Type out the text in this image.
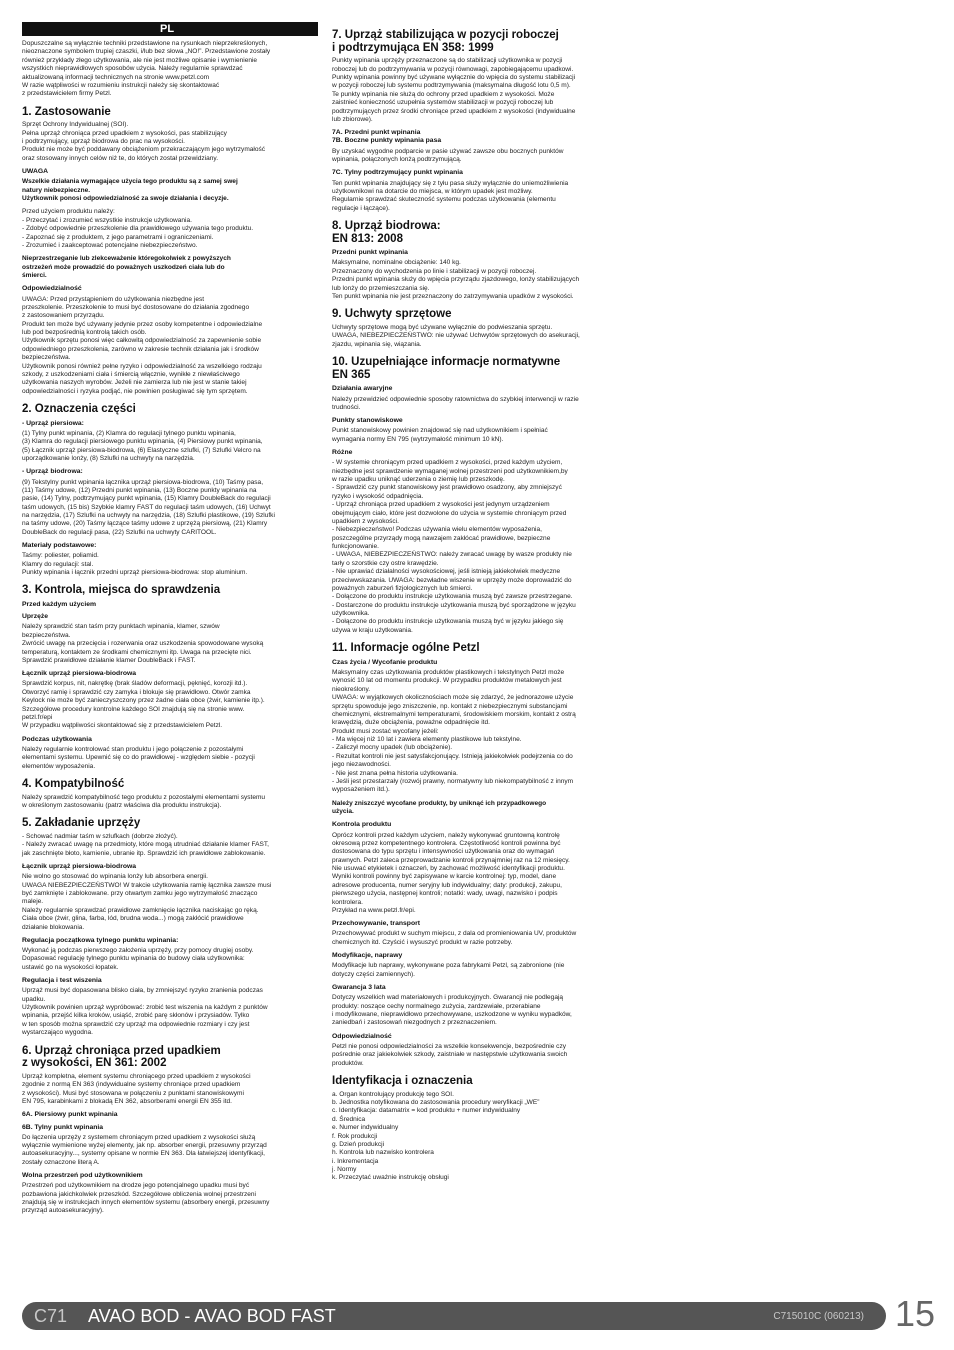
PL

Dopuszczalne są wyłącznie techniki przedstawione na rysunkach nieprzekreślonych,
nieoznaczone symbolem trupiej czaszki, i/lub bez słowa „NO!”. Przedstawione zostały
również przykłady złego użytkowania, ale nie jest możliwe opisanie i wymienienie
wszystkich nieprawidłowych sposobów użycia. Należy regularnie sprawdzać
aktualizowaną informacji technicznych na stronie www.petzl.com
W razie wątpliwości w rozumieniu instrukcji należy się skontaktować
z przedstawicielem firmy Petzl.

1. Zastosowanie

Sprzęt Ochrony Indywidualnej (SOI).
Pełna uprząż chroniąca przed upadkiem z wysokości, pas stabilizujący
i podtrzymujący, uprząż biodrowa do prac na wysokości.
Produkt nie może być poddawany obciążeniom przekraczającym jego wytrzymałość
oraz stosowany innych celów niż te, do których został przewidziany.

UWAGA

Wszelkie działania wymagające użycia tego produktu są z samej swej
natury niebezpieczne.
Użytkownik ponosi odpowiedzialność za swoje działania i decyzje.

Przed użyciem produktu należy:
- Przeczytać i zrozumieć wszystkie instrukcje użytkowania.
- Zdobyć odpowiednie przeszkolenie dla prawidłowego używania tego produktu.
- Zapoznać się z produktem, z jego parametrami i ograniczeniami.
- Zrozumieć i zaakceptować potencjalne niebezpieczeństwo.

Nieprzestrzeganie lub zlekceważenie któregokolwiek z powyższych
ostrzeżeń może prowadzić do poważnych uszkodzeń ciała lub do
śmierci.

Odpowiedzialność

UWAGA: Przed przystąpieniem do użytkowania niezbędne jest
przeszkolenie. Przeszkolenie to musi być dostosowane do działania zgodnego
z zastosowaniem przyrządu.
Produkt ten może być używany jedynie przez osoby kompetentne i odpowiedzialne
lub pod bezpośrednią kontrolą takich osób.
Użytkownik sprzętu ponosi więc całkowitą odpowiedzialność za zapewnienie sobie
odpowiedniego przeszkolenia, zarówno w zakresie technik działania jak i środków
bezpieczeństwa.
Użytkownik ponosi również pełne ryzyko i odpowiedzialność za wszelkiego rodzaju
szkody, z uszkodzeniami ciała i śmiercią włącznie, wynikłe z niewłaściwego
użytkowania naszych wyrobów. Jeżeli nie zamierza lub nie jest w stanie takiej
odpowiedzialności i ryzyka podjąć, nie powinien posługiwać się tym sprzętem.

2. Oznaczenia części
- Uprząż piersiowa:

(1) Tylny punkt wpinania, (2) Klamra do regulacji tylnego punktu wpinania,
(3) Klamra do regulacji piersiowego punktu wpinania, (4) Piersiowy punkt wpinania,
(5) Łącznik uprząż piersiowa-biodrowa, (6) Elastyczne szlufki, (7) Szlufki Velcro na
uporządkowanie lonży, (8) Szlufki na uchwyty na narzędzia.

- Uprząż biodrowa:

(9) Tekstylny punkt wpinania łącznika uprząż piersiowa-biodrowa, (10) Taśmy pasa,
(11) Taśmy udowe, (12) Przedni punkt wpinania, (13) Boczne punkty wpinania na
pasie, (14) Tylny, podtrzymujący punkt wpinania, (15) Klamry DoubleBack do regulacji
taśm udowych, (15 bis) Szybkie klamry FAST do regulacji taśm udowych, (16) Uchwyt
na narzędzia, (17) Szlufki na uchwyty na narzędzia, (18) Szlufki plastikowe, (19) Szlufki
na taśmy udowe, (20) Taśmy łączące taśmy udowe z uprzężą piersiową, (21) Klamry
DoubleBack do regulacji pasa, (22) Szlufki na uchwyty CARITOOL.

Materiały podstawowe:

Taśmy: poliester, poliamid.
Klamry do regulacji: stal.
Punkty wpinania i łącznik przedni uprząż piersiowa-biodrowa: stop aluminium.

3. Kontrola, miejsca do sprawdzenia
Przed każdym użyciem
Uprzęże

Należy sprawdzić stan taśm przy punktach wpinania, klamer, szwów
bezpieczeństwa.
Zwrócić uwagę na przecięcia i rozerwania oraz uszkodzenia spowodowane wysoką
temperaturą, kontaktem ze środkami chemicznymi itp. Uwaga na przecięte nici.
Sprawdzić prawidłowe działanie klamer DoubleBack i FAST.

Łącznik uprząż piersiowa-biodrowa

Sprawdzić korpus, nit, nakrętkę (brak śladów deformacji, pęknięć, korozji itd.).
Otworzyć ramię i sprawdzić czy zamyka i blokuje się prawidłowo. Otwór zamka
Keylock nie może być zanieczyszczony przez żadne ciała obce (żwir, kamienie itp.).
Szczegółowe procedury kontrolne każdego SOI znajdują się na stronie www.
petzl.fr/epi
W przypadku wątpliwości skontaktować się z przedstawicielem Petzl.

Podczas użytkowania

Należy regularnie kontrolować stan produktu i jego połączenie z pozostałymi
elementami systemu. Upewnić się co do prawidłowej - względem siebie - pozycji
elementów wyposażenia.

4. Kompatybilność

Należy sprawdzić kompatybilność tego produktu z pozostałymi elementami systemu
w określonym zastosowaniu (patrz właściwa dla produktu instrukcja).

5. Zakładanie uprzęży

- Schować nadmiar taśm w szlufkach (dobrze złożyć).
- Należy zwracać uwagę na przedmioty, które mogą utrudniać działanie klamer FAST,
jak zaschnięte błoto, kamienie, ubranie itp. Sprawdzić ich prawidłowe zablokowanie.

Łącznik uprząż piersiowa-biodrowa

Nie wolno go stosować do wpinania lonży lub absorbera energii.
UWAGA NIEBEZPIECZEŃSTWO! W trakcie użytkowania ramię łącznika zawsze musi
być zamknięte i zablokowane. przy otwartym zamku jego wytrzymałość znacząco
maleje.
Należy regularnie sprawdzać prawidłowe zamknięcie łącznika naciskając go ręką.
Ciała obce (żwir, glina, farba, lód, brudna woda...) mogą zakłócić prawidłowe
działanie blokowania.

Regulacja początkowa tylnego punktu wpinania:

Wykonać ją podczas pierwszego założenia uprzęży, przy pomocy drugiej osoby.
Dopasować regulację tylnego punktu wpinania do budowy ciała użytkownika:
ustawić go na wysokości łopatek.

Regulacja i test wiszenia

Uprząż musi być dopasowana blisko ciała, by zmniejszyć ryzyko zranienia podczas
upadku.
Użytkownik powinien uprząż wypróbować: zrobić test wiszenia na każdym z punktów
wpinania, przejść kilka kroków, usiąść, zrobić parę skłonów i przysiadów. Tylko
w ten sposób można sprawdzić czy uprząż ma odpowiednie rozmiary i czy jest
wystarczająco wygodna.

6. Uprząż chroniąca przed upadkiem
z wysokości, EN 361: 2002

Uprząż kompletna, element systemu chroniącego przed upadkiem z wysokości
zgodnie z normą EN 363 (indywidualne systemy chroniące przed upadkiem
z wysokości). Musi być stosowana w połączeniu z punktami stanowiskowymi
EN 795, karabinkami z blokadą EN 362, absorberami energii EN 355 itd.

6A. Piersiowy punkt wpinania
6B. Tylny punkt wpinania

Do łączenia uprzęży z systemem chroniącym przed upadkiem z wysokości służą
wyłącznie wymienione wyżej elementy, jak np. absorber energii, przesuwny przyrząd
autoasekuracyjny..., systemy opisane w normie EN 363. Dla łatwiejszej identyfikacji,
zostały oznaczone literą A.

Wolna przestrzeń pod użytkownikiem

Przestrzeń pod użytkownikiem na drodze jego potencjalnego upadku musi być
pozbawiona jakichkolwiek przeszkód. Szczegółowe obliczenia wolnej przestrzeni
znajdują się w instrukcjach innych elementów systemu (absorbery energii, przesuwny
przyrząd autoasekuracyjny).

7. Uprząż stabilizująca w pozycji roboczej
i podtrzymująca EN 358: 1999

Punkty wpinania uprzęży przeznaczone są do stabilizacji użytkownika w pozycji
roboczej lub do podtrzymywania w pozycji równowagi, zapobiegającemu upadkowi.
Punkty wpinania powinny być używane wyłącznie do wpięcia do systemu stabilizacji
w pozycji roboczej lub systemu podtrzymywania (maksymalna długość lotu 0,5 m).
Te punkty wpinania nie służą do ochrony przed upadkiem z wysokości. Może
zaistnieć konieczność uzupełnia systemów stabilizacji w pozycji roboczej lub
podtrzymujących przez środki chroniące przed upadkiem z wysokości (indywidualne
lub zbiorowe).

7A. Przedni punkt wpinania
7B. Boczne punkty wpinania pasa

By uzyskać wygodne podparcie w pasie używać zawsze obu bocznych punktów
wpinania, połączonych lonżą podtrzymującą.

7C. Tylny podtrzymujący punkt wpinania

Ten punkt wpinania znajdujący się z tyłu pasa służy wyłącznie do uniemożliwienia
użytkownikowi na dotarcie do miejsca, w którym upadek jest możliwy.
Regularnie sprawdzać skuteczność systemu podczas użytkowania (elementu
regulacje i łączące).

8. Uprząż biodrowa:
EN 813: 2008
Przedni punkt wpinania

Maksymalne, nominalne obciążenie: 140 kg.
Przeznaczony do wychodzenia po linie i stabilizacji w pozycji roboczej.
Przedni punkt wpinania służy do wpięcia przyrządu zjazdowego, lonży stabilizujących
lub lonży do przemieszczania się.
Ten punkt wpinania nie jest przeznaczony do zatrzymywania upadków z wysokości.

9. Uchwyty sprzętowe

Uchwyty sprzętowe mogą być używane wyłącznie do podwieszania sprzętu.
UWAGA, NIEBEZPIECZEŃSTWO: nie używać Uchwytów sprzętowych do asekuracji,
zjazdu, wpinania się, wiązania.

10. Uzupełniające informacje normatywne
EN 365
Działania awaryjne

Należy przewidzieć odpowiednie sposoby ratownictwa do szybkiej interwencji w razie
trudności.

Punkty stanowiskowe

Punkt stanowiskowy powinien znajdować się nad użytkownikiem i spełniać
wymagania normy EN 795 (wytrzymałość minimum 10 kN).

Różne

- W systemie chroniącym przed upadkiem z wysokości, przed każdym użyciem,
niezbędne jest sprawdzenie wymaganej wolnej przestrzeni pod użytkownikiem,by
w razie upadku uniknąć uderzenia o ziemię lub przeszkodę.
- Sprawdzić czy punkt stanowiskowy jest prawidłowo osadzony, aby zmniejszyć
ryzyko i wysokość odpadnięcia.
- Uprząż chroniąca przed upadkiem z wysokości jest jedynym urządzeniem
obejmującym ciało, które jest dozwolone do użycia w systemie chroniącym przed
upadkiem z wysokości.
- Niebezpieczeństwo! Podczas używania wielu elementów wyposażenia,
poszczególne przyrządy mogą nawzajem zakłócać prawidłowe, bezpieczne
funkcjonowanie.
- UWAGA, NIEBEZPIECZEŃSTWO: należy zwracać uwagę by wasze produkty nie
tarły o szorstkie czy ostre krawędzie.
- Nie uprawiać działalności wysokościowej, jeśli istnieją jakiekolwiek medyczne
przeciwwskazania. UWAGA: bezwładne wiszenie w uprzęży może doprowadzić do
poważnych zaburzeń fizjologicznych lub śmierci.
- Dołączone do produktu instrukcje użytkowania muszą być zawsze przestrzegane.
- Dostarczone do produktu instrukcje użytkowania muszą być sporządzone w języku
użytkownika.
- Dołączone do produktu instrukcje użytkowania muszą być w języku jakiego się
używa w kraju użytkowania.

11. Informacje ogólne Petzl
Czas życia / Wycofanie produktu

Maksymalny czas użytkowania produktów plastikowych i tekstylnych Petzl może
wynosić 10 lat od momentu produkcji. W przypadku produktów metalowych jest
nieokreślony.
UWAGA: w wyjątkowych okolicznościach może się zdarzyć, że jednorazowe użycie
sprzętu spowoduje jego zniszczenie, np. kontakt z niebezpiecznymi substancjami
chemicznymi, ekstremalnymi temperaturami, środowiskiem morskim, kontakt z ostrą
krawędzią, duże obciążenia, poważne odpadnięcie itd.
Produkt musi zostać wycofany jeżeli:
- Ma więcej niż 10 lat i zawiera elementy plastikowe lub tekstylne.
- Zaliczył mocny upadek (lub obciążenie).
- Rezultat kontroli nie jest satysfakcjonujący. Istnieją jakiekolwiek podejrzenia co do
jego niezawodności.
- Nie jest znana pełna historia użytkowania.
- Jeśli jest przestarzały (rozwój prawny, normatywny lub niekompatybilność z innym
wyposażeniem itd.).

Należy zniszczyć wycofane produkty, by uniknąć ich przypadkowego
użycia.

Kontrola produktu

Oprócz kontroli przed każdym użyciem, należy wykonywać gruntowną kontrolę
okresową przez kompetentnego kontrolera. Częstotliwość kontroli powinna być
dostosowana do typu sprzętu i intensywności użytkowania oraz do wymagań
prawnych. Petzl zaleca przeprowadzanie kontroli przynajmniej raz na 12 miesięcy.
Nie usuwać etykietek i oznaczeń, by zachować możliwość identyfikacji produktu.
Wyniki kontroli powinny być zapisywane w karcie kontrolnej: typ, model, dane
adresowe producenta, numer seryjny lub indywidualny; daty: produkcji, zakupu,
pierwszego użycia, następnej kontroli; notatki: wady, uwagi, nazwisko i podpis
kontrolera.
Przykład na www.petzl.fr/epi.

Przechowywanie, transport

Przechowywać produkt w suchym miejscu, z dala od promieniowania UV, produktów
chemicznych itd. Czyścić i wysuszyć produkt w razie potrzeby.

Modyfikacje, naprawy

Modyfikacje lub naprawy, wykonywane poza fabrykami Petzl, są zabronione (nie
dotyczy części zamiennych).

Gwarancja 3 lata

Dotyczy wszelkich wad materiałowych i produkcyjnych. Gwarancji nie podlegają
produkty: noszące cechy normalnego zużycia, zardzewiałe, przerabiane
i modyfikowane, nieprawidłowo przechowywane, uszkodzone w wyniku wypadków,
zaniedbań i zastosowań niezgodnych z przeznaczeniem.

Odpowiedzialność

Petzl nie ponosi odpowiedzialności za wszelkie konsekwencje, bezpośrednie czy
pośrednie oraz jakiekolwiek szkody, zaistniałe w następstwie użytkowania swoich
produktów.

Identyfikacja i oznaczenia

a. Organ kontrolujący produkcję tego SOI.
b. Jednostka notyfikowana do zastosowania procedury weryfikacji „WE”
c. Identyfikacja: datamatrix = kod produktu + numer indywidualny
d. Średnica
e. Numer indywidualny
f. Rok produkcji
g. Dzień produkcji
h. Kontrola lub nazwisko kontrolera
i. Inkrementacja
j. Normy
k. Przeczytać uważnie instrukcję obsługi

C71 AVAO BOD - AVAO BOD FAST	C715010C (060213) 15
